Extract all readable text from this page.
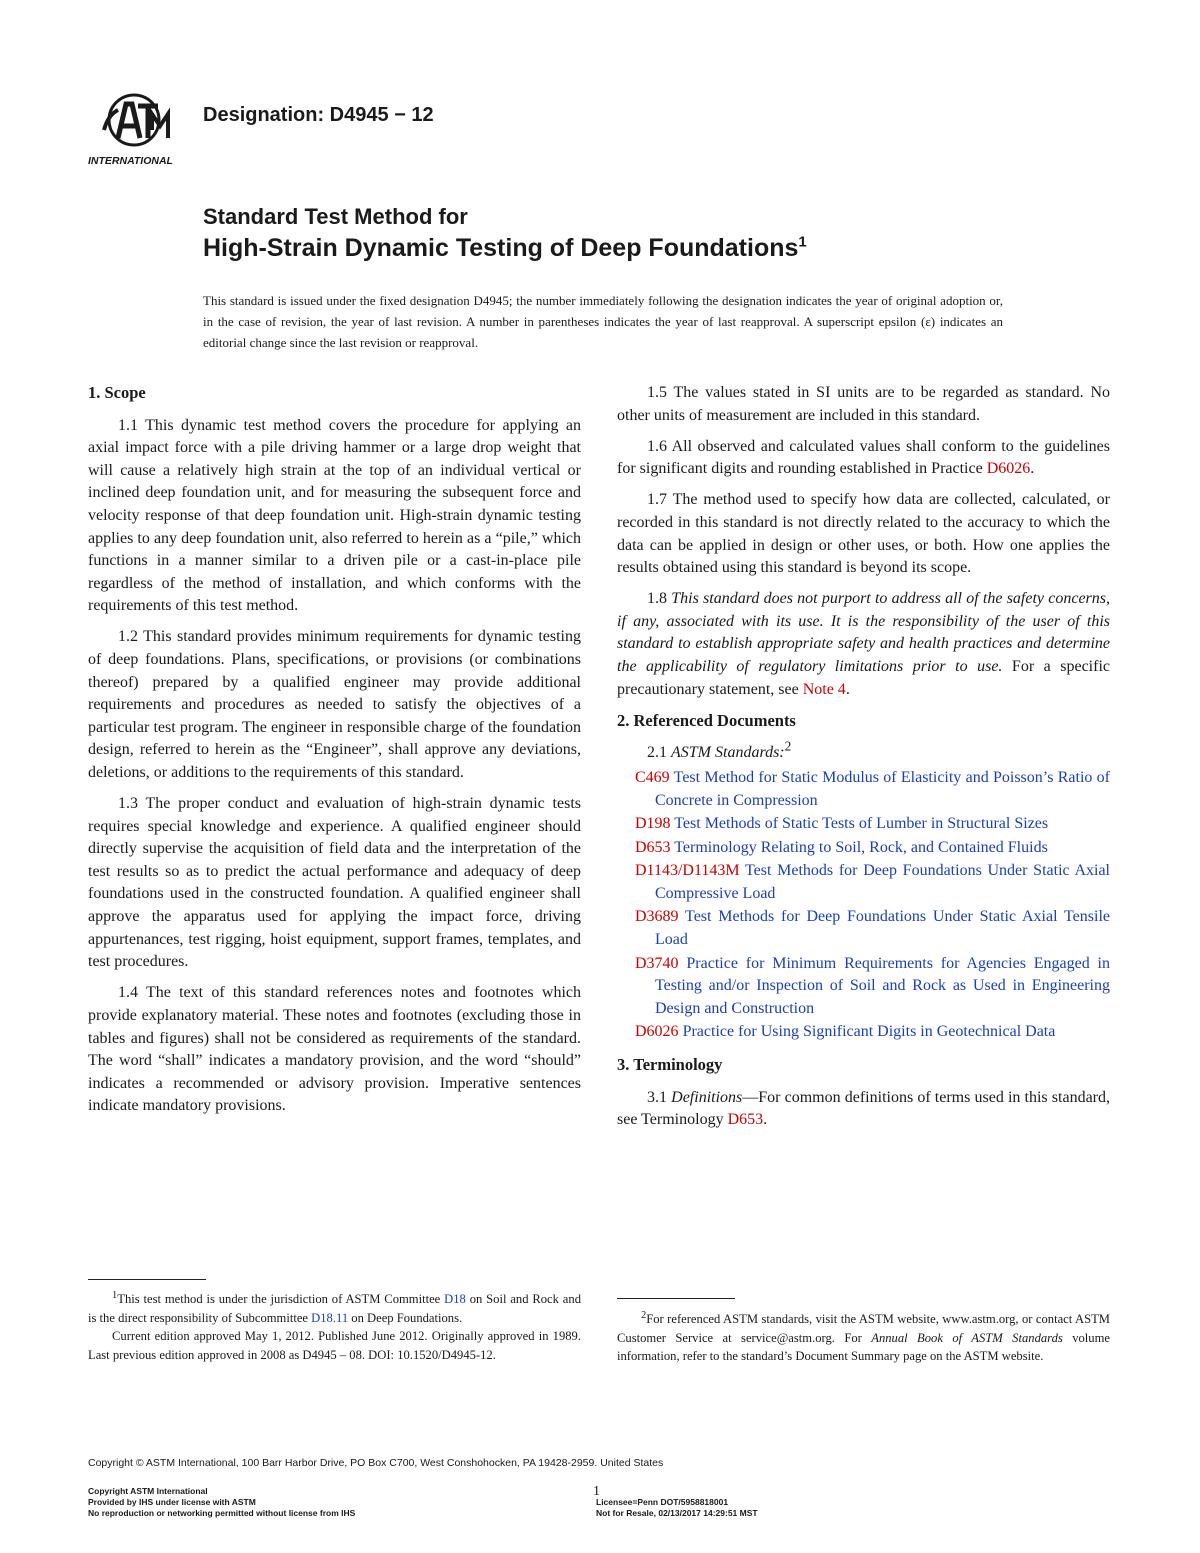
INTERNATIONAL
Designation: D4945 − 12
Standard Test Method for
High-Strain Dynamic Testing of Deep Foundations$^1$
This standard is issued under the fixed designation D4945; the number immediately following the designation indicates the year of original adoption or, in the case of revision, the year of last revision. A number in parentheses indicates the year of last reapproval. A superscript epsilon (ε) indicates an editorial change since the last revision or reapproval.
1. Scope

1.1 This dynamic test method covers the procedure for applying an axial impact force with a pile driving hammer or a large drop weight that will cause a relatively high strain at the top of an individual vertical or inclined deep foundation unit, and for measuring the subsequent force and velocity response of that deep foundation unit. High-strain dynamic testing applies to any deep foundation unit, also referred to herein as a “pile,” which functions in a manner similar to a driven pile or a cast-in-place pile regardless of the method of installation, and which conforms with the requirements of this test method.

1.2 This standard provides minimum requirements for dynamic testing of deep foundations. Plans, specifications, or provisions (or combinations thereof) prepared by a qualified engineer may provide additional requirements and procedures as needed to satisfy the objectives of a particular test program. The engineer in responsible charge of the foundation design, referred to herein as the “Engineer”, shall approve any deviations, deletions, or additions to the requirements of this standard.

1.3 The proper conduct and evaluation of high-strain dynamic tests requires special knowledge and experience. A qualified engineer should directly supervise the acquisition of field data and the interpretation of the test results so as to predict the actual performance and adequacy of deep foundations used in the constructed foundation. A qualified engineer shall approve the apparatus used for applying the impact force, driving appurtenances, test rigging, hoist equipment, support frames, templates, and test procedures.

1.4 The text of this standard references notes and footnotes which provide explanatory material. These notes and footnotes (excluding those in tables and figures) shall not be considered as requirements of the standard. The word “shall” indicates a mandatory provision, and the word “should” indicates a recommended or advisory provision. Imperative sentences indicate mandatory provisions.

1.5 The values stated in SI units are to be regarded as standard. No other units of measurement are included in this standard.

1.6 All observed and calculated values shall conform to the guidelines for significant digits and rounding established in Practice D6026.

1.7 The method used to specify how data are collected, calculated, or recorded in this standard is not directly related to the accuracy to which the data can be applied in design or other uses, or both. How one applies the results obtained using this standard is beyond its scope.

1.8 This standard does not purport to address all of the safety concerns, if any, associated with its use. It is the responsibility of the user of this standard to establish appropriate safety and health practices and determine the applicability of regulatory limitations prior to use. For a specific precautionary statement, see Note 4.

2. Referenced Documents

2.1 ASTM Standards:$^2$

C469 Test Method for Static Modulus of Elasticity and Poisson’s Ratio of Concrete in Compression
D198 Test Methods of Static Tests of Lumber in Structural Sizes
D653 Terminology Relating to Soil, Rock, and Contained Fluids
D1143/D1143M Test Methods for Deep Foundations Under Static Axial Compressive Load
D3689 Test Methods for Deep Foundations Under Static Axial Tensile Load
D3740 Practice for Minimum Requirements for Agencies Engaged in Testing and/or Inspection of Soil and Rock as Used in Engineering Design and Construction
D6026 Practice for Using Significant Digits in Geotechnical Data
3. Terminology

3.1 Definitions—For common definitions of terms used in this standard, see Terminology D653.

$^1$This test method is under the jurisdiction of ASTM Committee D18 on Soil and Rock and is the direct responsibility of Subcommittee D18.11 on Deep Foundations.

Current edition approved May 1, 2012. Published June 2012. Originally approved in 1989. Last previous edition approved in 2008 as D4945 – 08. DOI: 10.1520/D4945-12.

$^2$For referenced ASTM standards, visit the ASTM website, www.astm.org, or contact ASTM Customer Service at service@astm.org. For Annual Book of ASTM Standards volume information, refer to the standard’s Document Summary page on the ASTM website.

Copyright © ASTM International, 100 Barr Harbor Drive, PO Box C700, West Conshohocken, PA 19428-2959. United States
1
Copyright ASTM International
Provided by IHS under license with ASTM
No reproduction or networking permitted without license from IHS
Licensee=Penn DOT/5958818001
Not for Resale, 02/13/2017 14:29:51 MST
